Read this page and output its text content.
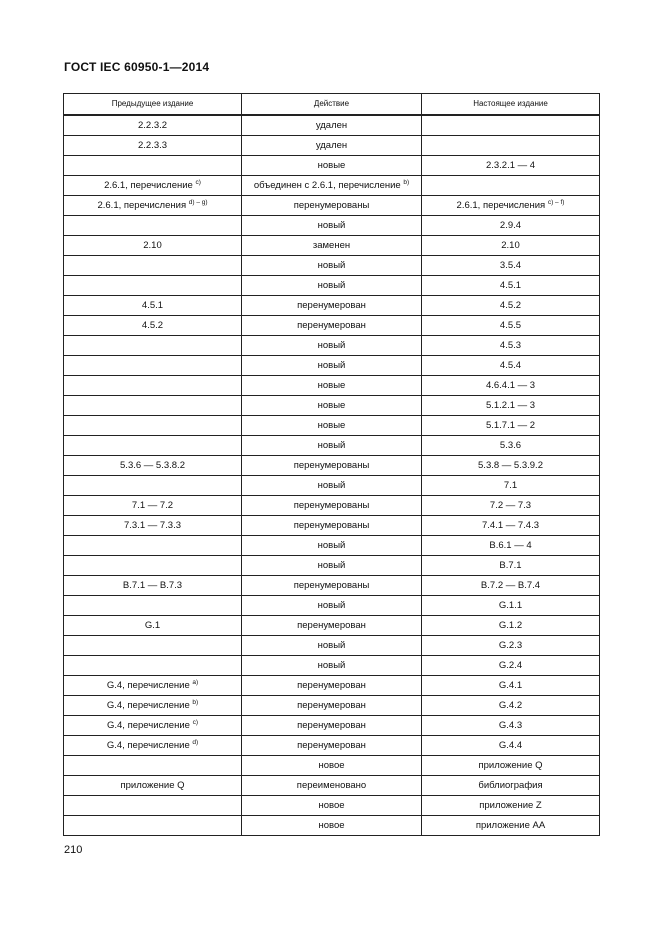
ГОСТ IEC 60950-1—2014
Предыдущее издание	Действие	Настоящее издание
2.2.3.2	удален	
2.2.3.3	удален	
	новые	2.3.2.1 — 4
2.6.1, перечисление $^{c)}$	объединен с 2.6.1, перечисление $^{b)}$	
2.6.1, перечисления $^{d) - g)}$	перенумерованы	2.6.1, перечисления $^{c) - f)}$
	новый	2.9.4
2.10	заменен	2.10
	новый	3.5.4
	новый	4.5.1
4.5.1	перенумерован	4.5.2
4.5.2	перенумерован	4.5.5
	новый	4.5.3
	новый	4.5.4
	новые	4.6.4.1 — 3
	новые	5.1.2.1 — 3
	новые	5.1.7.1 — 2
	новый	5.3.6
5.3.6 — 5.3.8.2	перенумерованы	5.3.8 — 5.3.9.2
	новый	7.1
7.1 — 7.2	перенумерованы	7.2 — 7.3
7.3.1 — 7.3.3	перенумерованы	7.4.1 — 7.4.3
	новый	B.6.1 — 4
	новый	B.7.1
B.7.1 — B.7.3	перенумерованы	B.7.2 — B.7.4
	новый	G.1.1
G.1	перенумерован	G.1.2
	новый	G.2.3
	новый	G.2.4
G.4, перечисление $^{a)}$	перенумерован	G.4.1
G.4, перечисление $^{b)}$	перенумерован	G.4.2
G.4, перечисление $^{c)}$	перенумерован	G.4.3
G.4, перечисление $^{d)}$	перенумерован	G.4.4
	новое	приложение Q
приложение Q	переименовано	библиография
	новое	приложение Z
	новое	приложение AA
210
